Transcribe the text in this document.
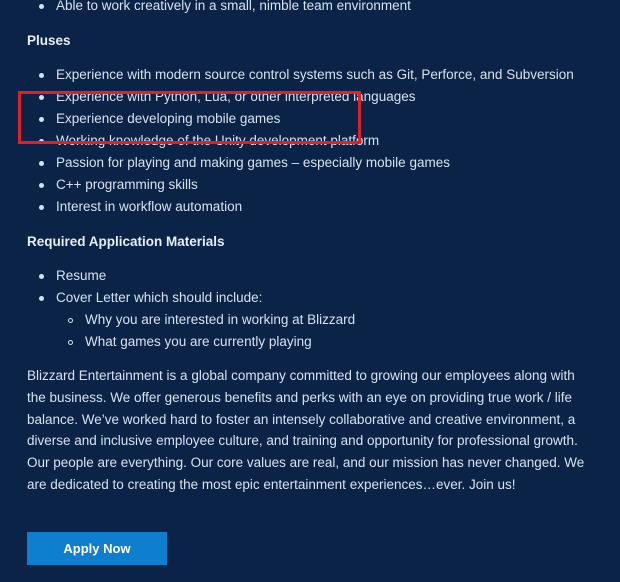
Able to work creatively in a small, nimble team environment
Pluses
Experience with modern source control systems such as Git, Perforce, and Subversion
Experience with Python, Lua, or other interpreted languages
Experience developing mobile games
Working knowledge of the Unity development platform
Passion for playing and making games – especially mobile games
C++ programming skills
Interest in workflow automation
Required Application Materials
Resume
Cover Letter which should include:
Why you are interested in working at Blizzard
What games you are currently playing

Blizzard Entertainment is a global company committed to growing our employees along with the business. We offer generous benefits and perks with an eye on providing true work / life balance. We’ve worked hard to foster an intensely collaborative and creative environment, a diverse and inclusive employee culture, and training and opportunity for professional growth. Our people are everything. Our core values are real, and our mission has never changed. We are dedicated to creating the most epic entertainment experiences…ever. Join us!

Apply Now
